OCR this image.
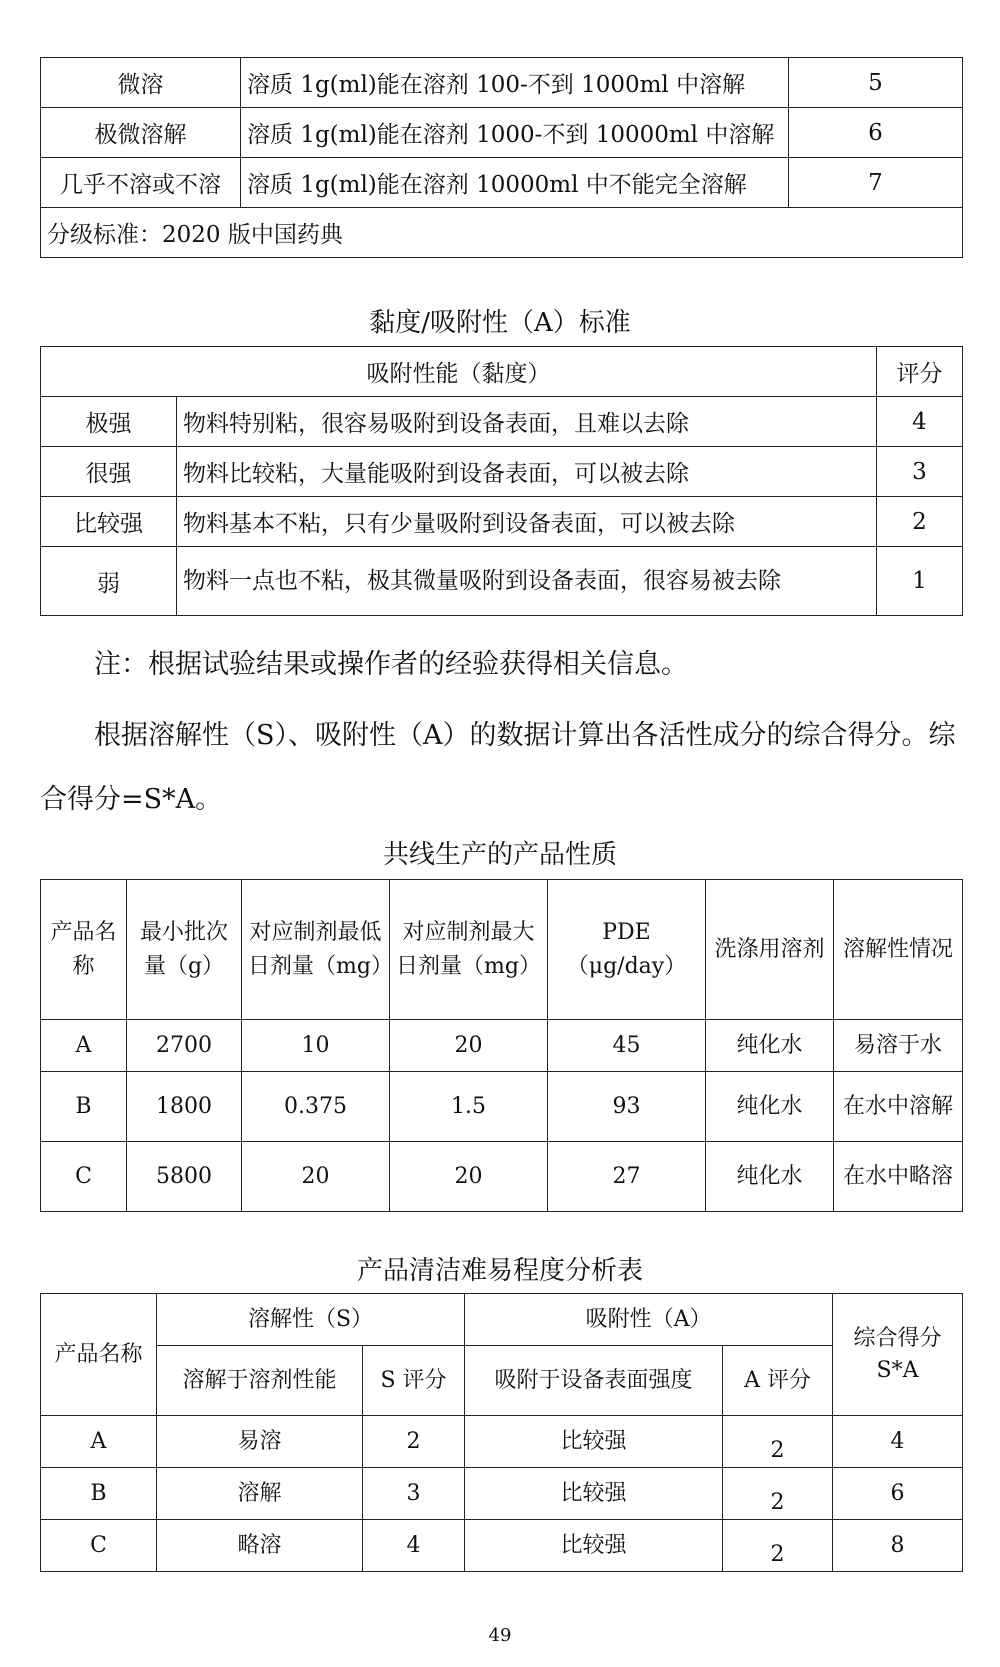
微溶	溶质 1g(ml)能在溶剂 100-不到 1000ml 中溶解	5
极微溶解	溶质 1g(ml)能在溶剂 1000-不到 10000ml 中溶解	6
几乎不溶或不溶	溶质 1g(ml)能在溶剂 10000ml 中不能完全溶解	7
分级标准：2020 版中国药典		
黏度/吸附性（A）标准
吸附性能（黏度）		评分
极强	物料特别粘，很容易吸附到设备表面，且难以去除	4
很强	物料比较粘，大量能吸附到设备表面，可以被去除	3
比较强	物料基本不粘，只有少量吸附到设备表面，可以被去除	2
弱	物料一点也不粘，极其微量吸附到设备表面，很容易被去除	1
注：根据试验结果或操作者的经验获得相关信息。
根据溶解性（S）、吸附性（A）的数据计算出各活性成分的综合得分。综合得分=S*A。
共线生产的产品性质
产品名称	最小批次量（g）	对应制剂最低日剂量（mg）	对应制剂最大日剂量（mg）	PDE（μg/day）	洗涤用溶剂	溶解性情况
A	2700	10	20	45	纯化水	易溶于水
B	1800	0.375	1.5	93	纯化水	在水中溶解
C	5800	20	20	27	纯化水	在水中略溶
产品清洁难易程度分析表
产品名称	溶解性（S）		吸附性（A）		综合得分S*A
	溶解于溶剂性能	S 评分	吸附于设备表面强度	A 评分	
A	易溶	2	比较强	2	4
B	溶解	3	比较强	2	6
C	略溶	4	比较强	2	8
49
